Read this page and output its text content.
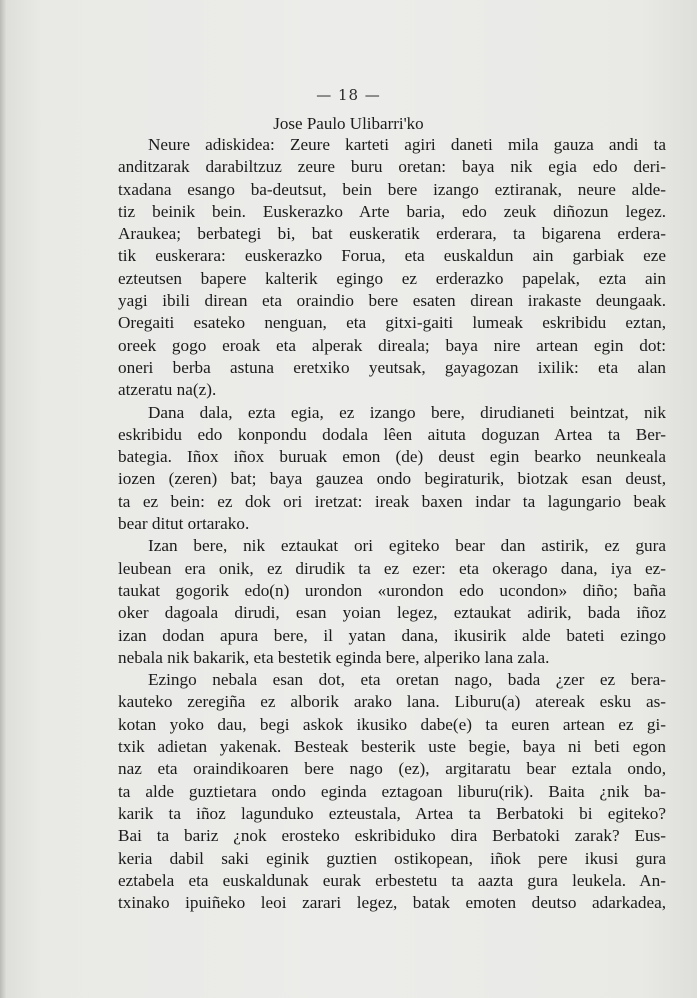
— 18 —
Jose Paulo Ulibarri'ko
Neure adiskidea: Zeure karteti agiri daneti mila gauza andi ta
anditzarak darabiltzuz zeure buru oretan: baya nik egia edo deri-
txadana esango ba-deutsut, bein bere izango eztiranak, neure alde-
tiz beinik bein. Euskerazko Arte baria, edo zeuk diñozun legez.
Araukea; berbategi bi, bat euskeratik erderara, ta bigarena erdera-
tik euskerara: euskerazko Forua, eta euskaldun ain garbiak eze
ezteutsen bapere kalterik egingo ez erderazko papelak, ezta ain
yagi ibili direan eta oraindio bere esaten direan irakaste deungaak.
Oregaiti esateko nenguan, eta gitxi-gaiti lumeak eskribidu eztan,
oreek gogo eroak eta alperak direala; baya nire artean egin dot:
oneri berba astuna eretxiko yeutsak, gayagozan ixilik: eta alan
atzeratu na(z).
Dana dala, ezta egia, ez izango bere, dirudianeti beintzat, nik
eskribidu edo konpondu dodala lêen aituta doguzan Artea ta Ber-
bategia. Iñox iñox buruak emon (de) deust egin bearko neunkeala
iozen (zeren) bat; baya gauzea ondo begiraturik, biotzak esan deust,
ta ez bein: ez dok ori iretzat: ireak baxen indar ta lagungario beak
bear ditut ortarako.
Izan bere, nik eztaukat ori egiteko bear dan astirik, ez gura
leubean era onik, ez dirudik ta ez ezer: eta okerago dana, iya ez-
taukat gogorik edo(n) urondon «urondon edo ucondon» diño; baña
oker dagoala dirudi, esan yoian legez, eztaukat adirik, bada iñoz
izan dodan apura bere, il yatan dana, ikusirik alde bateti ezingo
nebala nik bakarik, eta bestetik eginda bere, alperiko lana zala.
Ezingo nebala esan dot, eta oretan nago, bada ¿zer ez bera-
kauteko zeregiña ez alborik arako lana. Liburu(a) atereak esku as-
kotan yoko dau, begi askok ikusiko dabe(e) ta euren artean ez gi-
txik adietan yakenak. Besteak besterik uste begie, baya ni beti egon
naz eta oraindikoaren bere nago (ez), argitaratu bear eztala ondo,
ta alde guztietara ondo eginda eztagoan liburu(rik). Baita ¿nik ba-
karik ta iñoz lagunduko ezteustala, Artea ta Berbatoki bi egiteko?
Bai ta bariz ¿nok erosteko eskribiduko dira Berbatoki zarak? Eus-
keria dabil saki eginik guztien ostikopean, iñok pere ikusi gura
eztabela eta euskaldunak eurak erbestetu ta aazta gura leukela. An-
txinako ipuiñeko leoi zarari legez, batak emoten deutso adarkadea,
